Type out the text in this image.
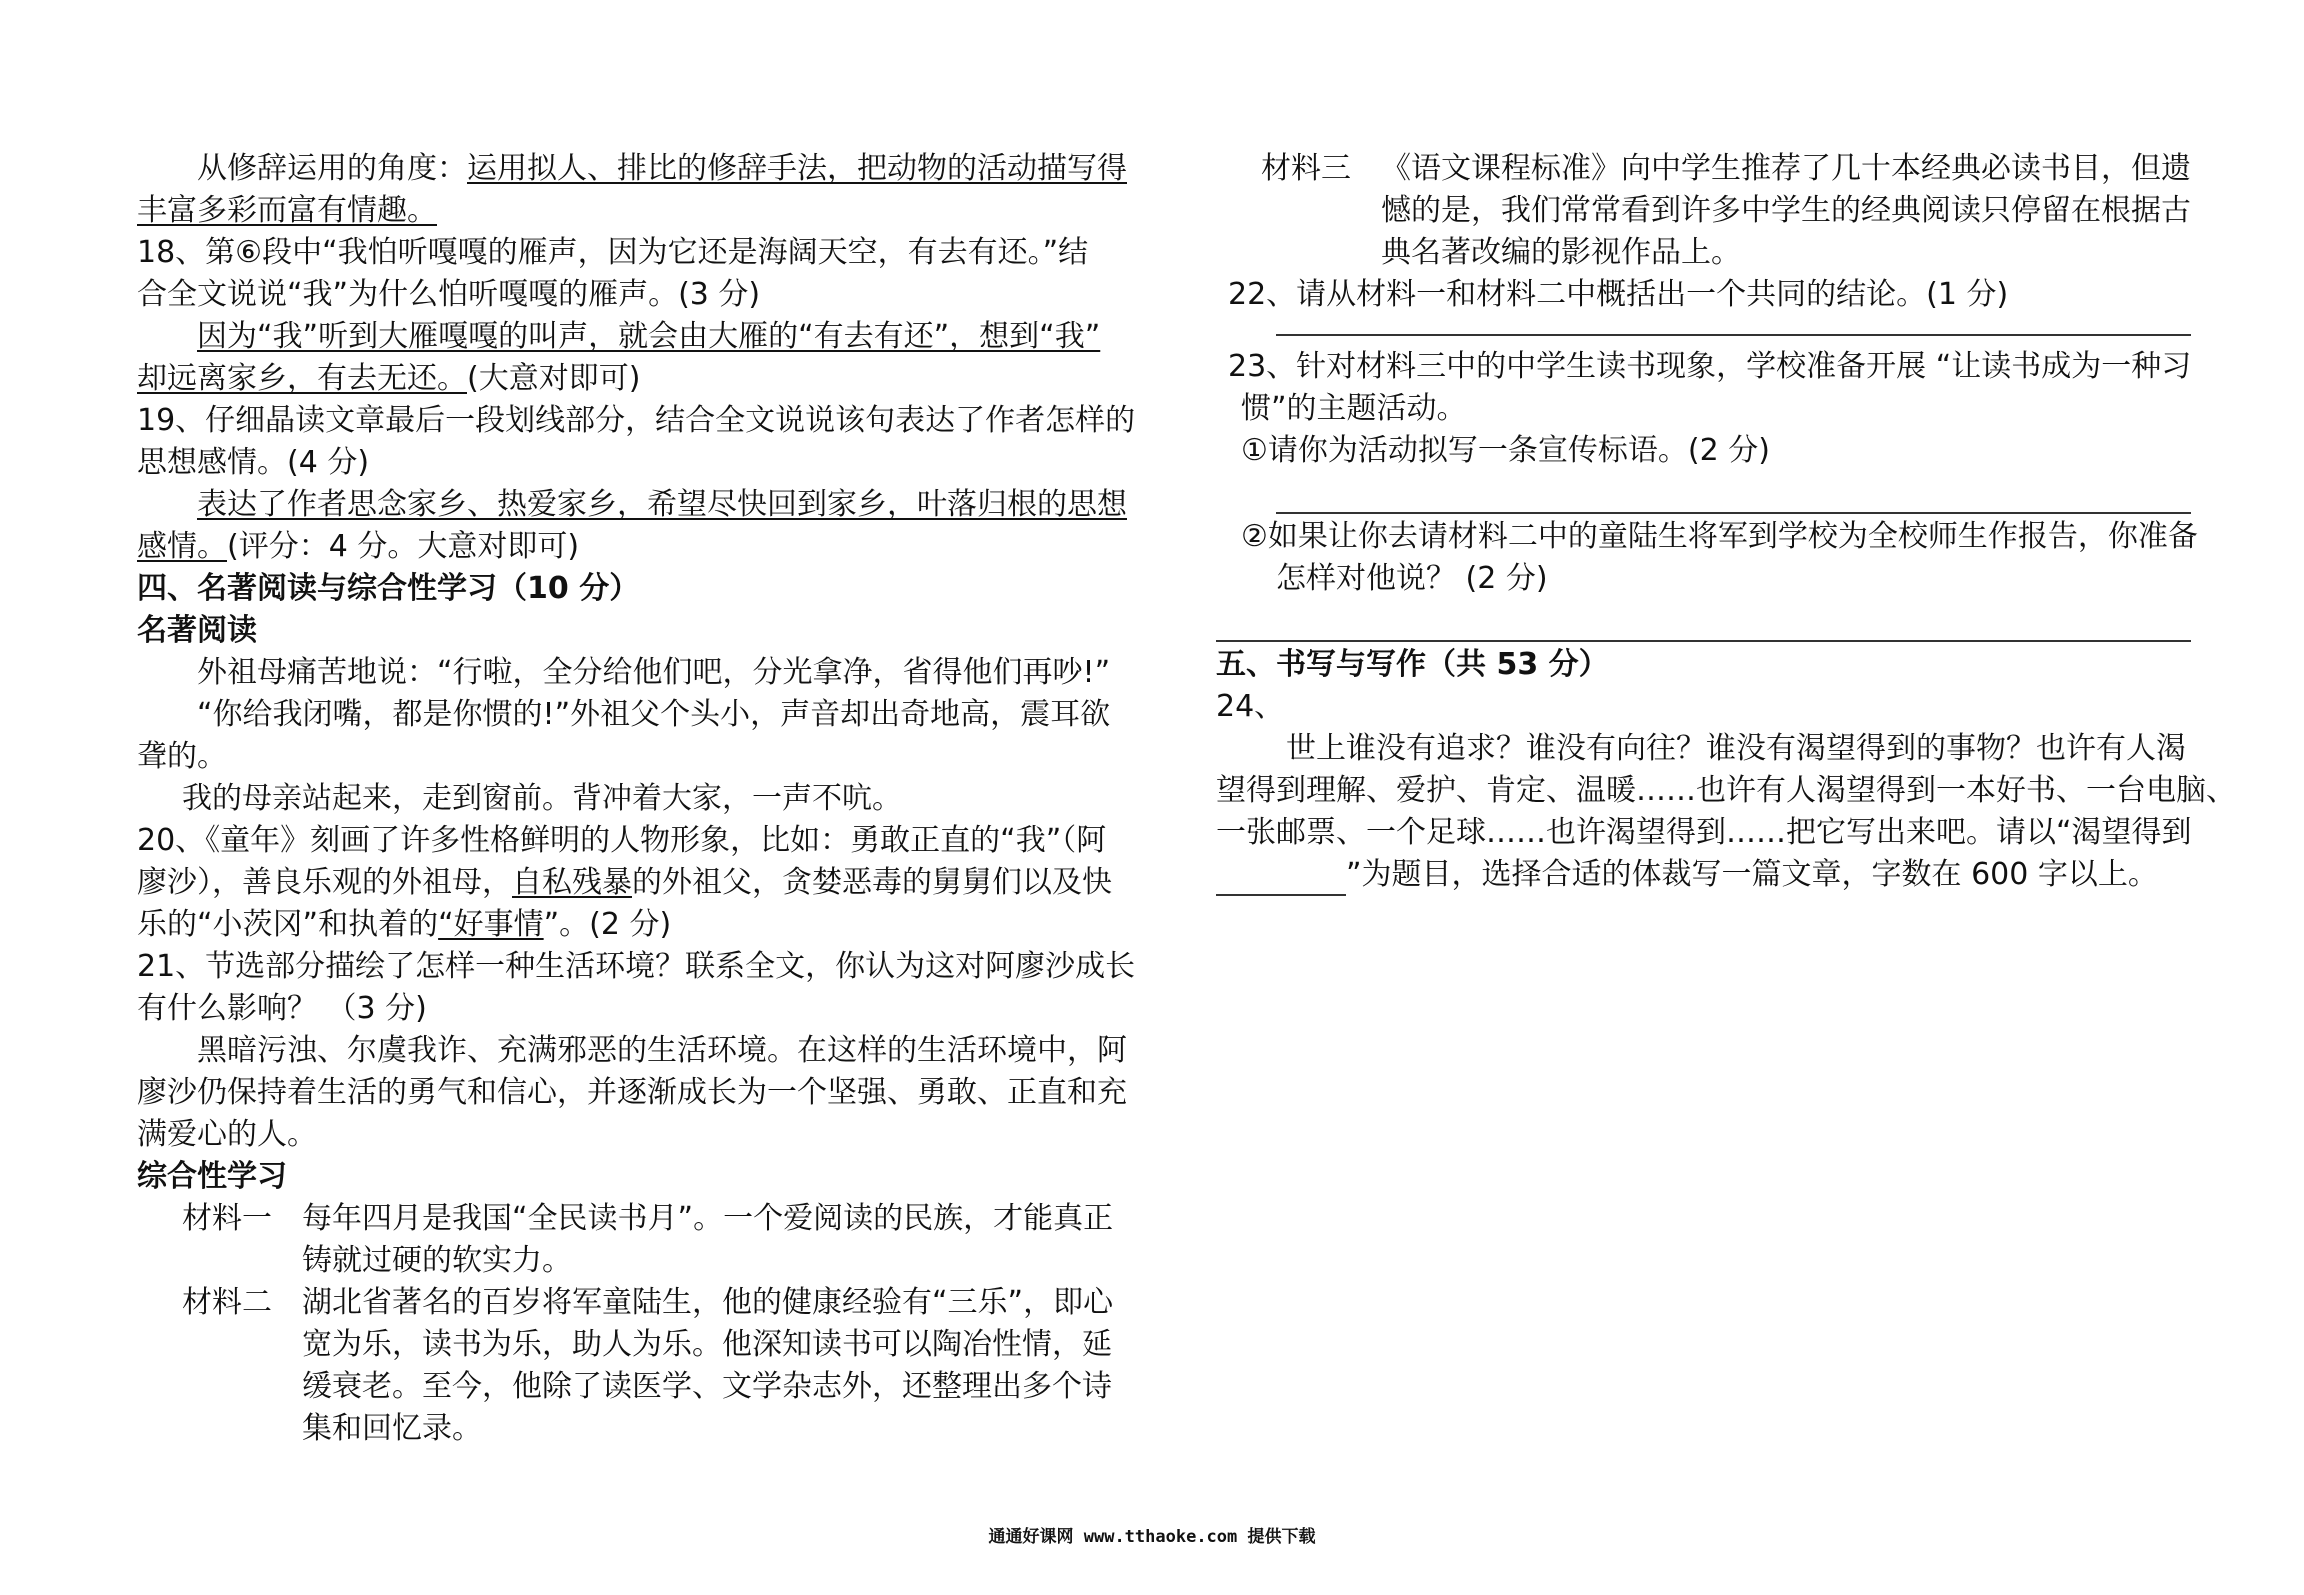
从修辞运用的角度：运用拟人、排比的修辞手法，把动物的活动描写得

丰富多彩而富有情趣。

18、第⑥段中“我怕听嘎嘎的雁声，因为它还是海阔天空，有去有还。”结

合全文说说“我”为什么怕听嘎嘎的雁声。(3 分)

因为“我”听到大雁嘎嘎的叫声，就会由大雁的“有去有还”，想到“我”

却远离家乡，有去无还。(大意对即可)

19、仔细晶读文章最后一段划线部分，结合全文说说该句表达了作者怎样的

思想感情。(4 分)

表达了作者思念家乡、热爱家乡，希望尽快回到家乡，叶落归根的思想

感情。(评分：4 分。大意对即可)

四、名著阅读与综合性学习（10 分）

名著阅读

外祖母痛苦地说：“行啦，全分给他们吧，分光拿净，省得他们再吵!”

“你给我闭嘴，都是你惯的!”外祖父个头小，声音却出奇地高，震耳欲

聋的。

我的母亲站起来，走到窗前。背冲着大家，一声不吭。

20、《童年》刻画了许多性格鲜明的人物形象，比如：勇敢正直的“我”（阿

廖沙），善良乐观的外祖母，自私残暴的外祖父，贪婪恶毒的舅舅们以及快

乐的“小茨冈”和执着的“好事情”。(2 分)

21、节选部分描绘了怎样一种生活环境？联系全文，你认为这对阿廖沙成长

有什么影响？ （3 分)

黑暗污浊、尔虞我诈、充满邪恶的生活环境。在这样的生活环境中，阿

廖沙仍保持着生活的勇气和信心，并逐渐成长为一个坚强、勇敢、正直和充

满爱心的人。

综合性学习

材料一	每年四月是我国“全民读书月”。一个爱阅读的民族，才能真正

铸就过硬的软实力。

材料二	湖北省著名的百岁将军童陆生，他的健康经验有“三乐”，即心

宽为乐，读书为乐，助人为乐。他深知读书可以陶冶性情，延

缓衰老。至今，他除了读医学、文学杂志外，还整理出多个诗

集和回忆录。

材料三	《语文课程标准》向中学生推荐了几十本经典必读书目，但遗

憾的是，我们常常看到许多中学生的经典阅读只停留在根据古

典名著改编的影视作品上。

22、请从材料一和材料二中概括出一个共同的结论。(1 分)

23、针对材料三中的中学生读书现象，学校准备开展 “让读书成为一种习

惯”的主题活动。

①请你为活动拟写一条宣传标语。(2 分)

②如果让你去请材料二中的童陆生将军到学校为全校师生作报告，你准备

怎样对他说？ (2 分)

五、书写与写作（共 53 分）

24、

世上谁没有追求？谁没有向往？谁没有渴望得到的事物？也许有人渴

望得到理解、爱护、肯定、温暖……也许有人渴望得到一本好书、一台电脑、

一张邮票、一个足球……也许渴望得到……把它写出来吧。请以“渴望得到

”为题目，选择合适的体裁写一篇文章，字数在 600 字以上。

通通好课网 www.tthaoke.com 提供下载
